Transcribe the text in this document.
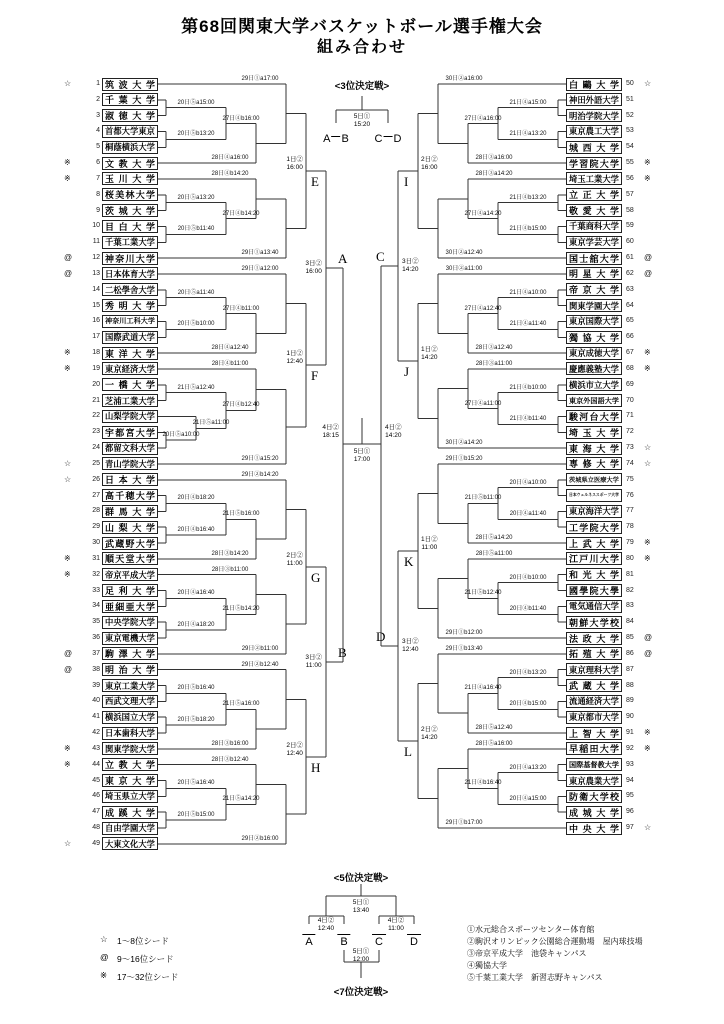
第68回関東大学バスケットボール選手権大会
組み合わせ
<3位決定戦>
<5位決定戦>
<7位決定戦>
筑 波 大 学
1
☆
千 葉 大 学
2
淑 徳 大 学
3
首 都 大 学 東 京
4
桐 蔭 横 浜 大 学
5
文 教 大 学
6
※
玉 川 大 学
7
※
桜 美 林 大 学
8
茨 城 大 学
9
目 白 大 学
10
千 葉 工 業 大 学
11
神 奈 川 大 学
12
@
日 本 体 育 大 学
13
@
二 松 學 舍 大 学
14
秀 明 大 学
15
神 奈 川 工 科 大 学
16
国 際 武 道 大 学
17
東 洋 大 学
18
※
東 京 経 済 大 学
19
※
一 橋 大 学
20
芝 浦 工 業 大 学
21
山 梨 学 院 大 学
22
宇 都 宮 大 学
23
都 留 文 科 大 学
24
青 山 学 院 大 学
25
☆
日 本 大 学
26
☆
高 千 穂 大 学
27
群 馬 大 学
28
山 梨 大 学
29
武 蔵 野 大 学
30
順 天 堂 大 学
31
※
帝 京 平 成 大 学
32
※
足 利 大 学
33
亜 細 亜 大 学
34
中 央 学 院 大 学
35
東 京 電 機 大 学
36
駒 澤 大 学
37
@
明 治 大 学
38
@
東 京 工 業 大 学
39
西 武 文 理 大 学
40
横 浜 国 立 大 学
41
日 本 歯 科 大 学
42
関 東 学 院 大 学
43
※
立 教 大 学
44
※
東 京 大 学
45
埼 玉 県 立 大 学
46
成 蹊 大 学
47
自 由 学 園 大 学
48
大 東 文 化 大 学
49
☆
白 鷗 大 学 50	☆
神 田 外 語 大 学 51
明 治 学 院 大 学 52
東 京 農 工 大 学 53
城 西 大 学 54
学 習 院 大 学 55	※
埼 玉 工 業 大 学 56	※
立 正 大 学 57
敬 愛 大 学 58
千 葉 商 科 大 学 59
東 京 学 芸 大 学 60
国 士 舘 大 学 61	@
明 星 大 学 62	@
帝 京 大 学 63
関 東 学 園 大 学 64
東 京 国 際 大 学 65
獨 協 大 学 66
東 京 成 徳 大 学 67	※
慶 應 義 塾 大 学 68	※
横 浜 市 立 大 学 69
東 京 外 国 語 大 学 70
駿 河 台 大 学 71
埼 玉 大 学 72
東 海 大 学 73	☆
専 修 大 学 74	☆
茨 城 県 立 医 療 大 学 75
日 本 ウ ェ ル ネ ス ス ポ ー ツ 大 学 76
東 京 海 洋 大 学 77
工 学 院 大 学 78
上 武 大 学 79	※
江 戸 川 大 学 80	※
和 光 大 学 81
國 學 院 大 學 82
電 気 通 信 大 学 83
朝 鮮 大 学 校 84
法 政 大 学 85	@
拓 殖 大 学 86	@
東 京 理 科 大 学 87
武 蔵 大 学 88
流 通 経 済 大 学 89
東 京 都 市 大 学 90
上 智 大 学 91	※
早 稲 田 大 学 92	※
国 際 基 督 教 大 学 93
東 京 農 業 大 学 94
防 衛 大 学 校 95
成 城 大 学 96
中 央 大 学 97	☆
20日⑤a15:00
20日⑤b13:20
27日④b16:00
28日④a16:00
29日①a17:00
28日④b14:20
20日⑤a13:20
20日⑤b11:40
27日④b14:20
29日①a13:40
E
1日②
16:00
20日⑤a11:40
20日⑤b10:00
27日④b11:00
28日④a12:40
29日①a12:00
28日④b11:00
21日⑤a12:40
20日⑤a10:00
21日⑤a11:00
27日④b12:40
29日①a15:20
F
1日②
12:40
20日④b18:20
20日④b16:40
21日⑤b16:00
28日③b14:20
29日②b14:20
28日③b11:00
20日④a16:40
20日④a18:20
21日⑤b14:20
29日②b11:00
G
2日②
11:00
20日⑤b16:40
20日⑤b18:20
21日⑤a16:00
28日③b16:00
29日②b12:40
28日③b12:40
20日⑤a16:40
20日⑤b15:00
21日⑤a14:20
29日②b16:00
H
2日②
12:40
21日④a15:00
21日④a13:20
27日④a16:00
28日③a16:00
30日②a16:00
28日③a14:20
21日④b13:20
21日④b15:00
27日④a14:20
30日②a12:40
I
2日②
16:00
21日④a10:00
21日④a11:40
27日④a12:40
28日③a12:40
30日②a11:00
28日③a11:00
21日④b10:00
21日④b11:40
27日④a11:00
30日②a14:20
J
1日②
14:20
20日④a10:00
20日④a11:40
21日⑤b11:00
28日⑤a14:20
29日①b15:20
28日⑤a11:00
20日④b10:00
20日④b11:40
21日⑤b12:40
29日①b12:00
K
1日②
11:00
20日④b13:20
20日④b15:00
21日④a16:40
28日⑤a12:40
29日①b13:40
28日⑤a16:00
20日④a13:20
20日④a15:00
21日④b16:40
29日①b17:00
L
2日②
14:20
A
3日②
16:00
B
3日②
11:00
C	3日②
14:20
D	3日②
12:40
4日②
18:15
4日②
14:20
5日①
17:00
5日①
15:20
A B C D
5日①
13:40
4日②
12:40
4日②
11:00
A	B C D
5日①
12:00
☆ 1～8位シード
@ 9～16位シード
※ 17～32位シード
①水元総合スポーツセンター体育館
②駒沢オリンピック公園総合運動場　屋内球技場
③帝京平成大学　池袋キャンパス
④獨協大学
⑤千葉工業大学　新習志野キャンパス
